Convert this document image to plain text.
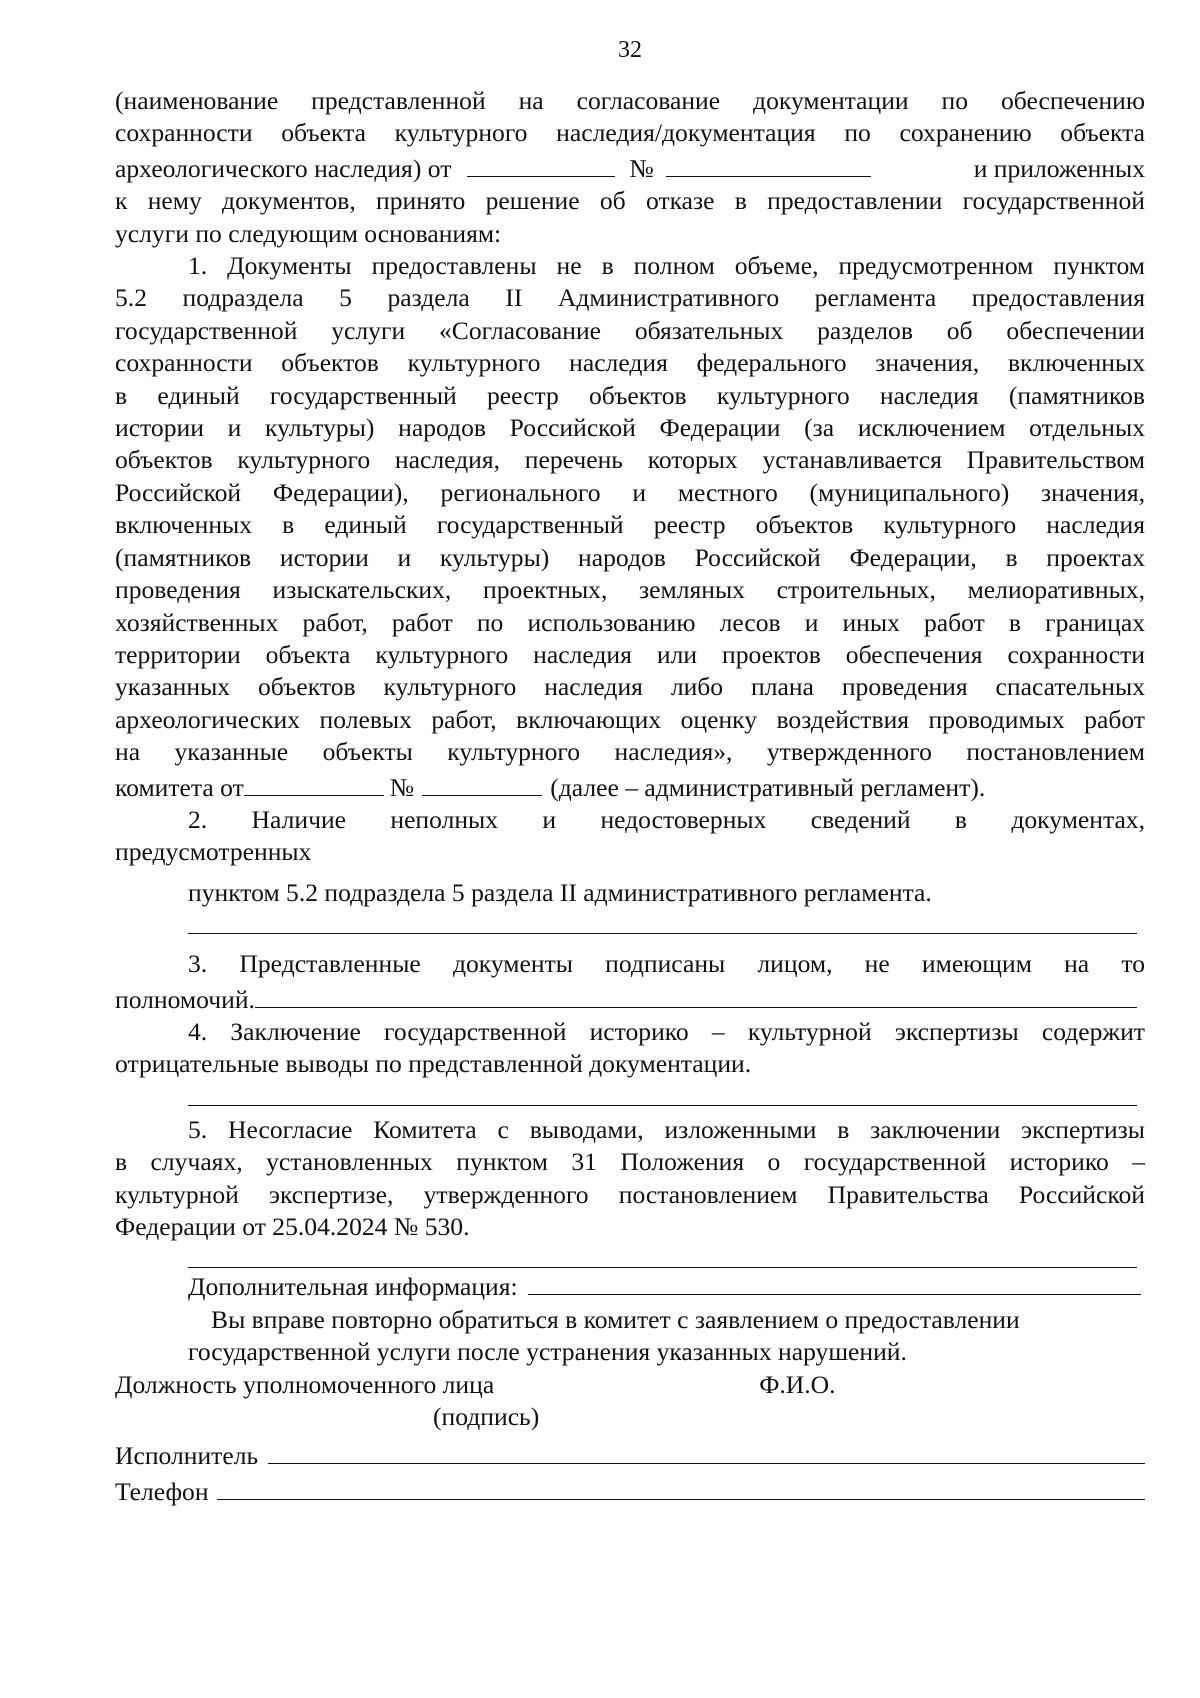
32
(наименование представленной на согласование документации по обеспечению
сохранности объекта культурного наследия/документация по сохранению объекта
археологического наследия) от	№	и приложенных
к нему документов, принято решение об отказе в предоставлении государственной
услуги по следующим основаниям:
1. Документы предоставлены не в полном объеме, предусмотренном пунктом
5.2 подраздела 5 раздела II Административного регламента предоставления
государственной услуги «Согласование обязательных разделов об обеспечении
сохранности объектов культурного наследия федерального значения, включенных
в единый государственный реестр объектов культурного наследия (памятников
истории и культуры) народов Российской Федерации (за исключением отдельных
объектов культурного наследия, перечень которых устанавливается Правительством
Российской Федерации), регионального и местного (муниципального) значения,
включенных в единый государственный реестр объектов культурного наследия
(памятников истории и культуры) народов Российской Федерации, в проектах
проведения изыскательских, проектных, земляных строительных, мелиоративных,
хозяйственных работ, работ по использованию лесов и иных работ в границах
территории объекта культурного наследия или проектов обеспечения сохранности
указанных объектов культурного наследия либо плана проведения спасательных
археологических полевых работ, включающих оценку воздействия проводимых работ
на указанные объекты культурного наследия», утвержденного постановлением
комитета от	№	(далее – административный регламент).
2. Наличие неполных и недостоверных сведений в документах,
предусмотренных
пунктом 5.2 подраздела 5 раздела II административного регламента.
3. Представленные документы подписаны лицом, не имеющим на то
полномочий.
4. Заключение государственной историко – культурной экспертизы содержит
отрицательные выводы по представленной документации.
5. Несогласие Комитета с выводами, изложенными в заключении экспертизы
в случаях, установленных пунктом 31 Положения о государственной историко –
культурной экспертизе, утвержденного постановлением Правительства Российской
Федерации от 25.04.2024 № 530.
Дополнительная информация:
Вы вправе повторно обратиться в комитет с заявлением о предоставлении
государственной услуги после устранения указанных нарушений.
Должность уполномоченного лица	Ф.И.О.
(подпись)
Исполнитель
Телефон
